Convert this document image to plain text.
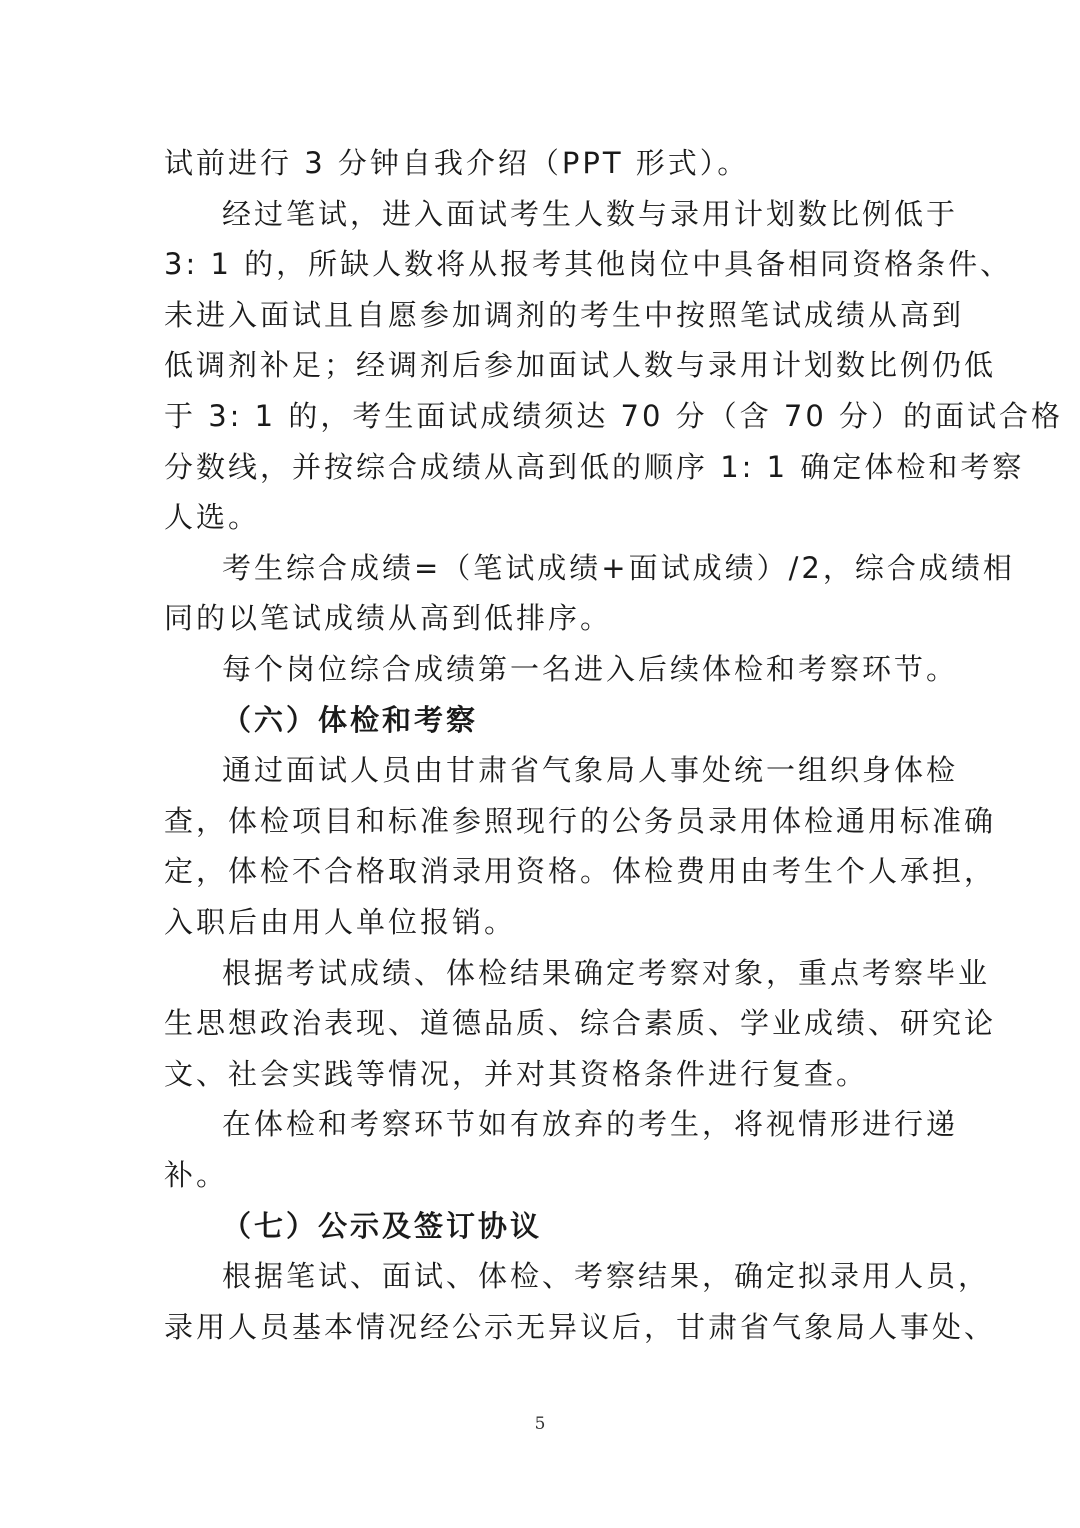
试前进行 3 分钟自我介绍（PPT 形式）。
经过笔试，进入面试考生人数与录用计划数比例低于
3: 1 的，所缺人数将从报考其他岗位中具备相同资格条件、
未进入面试且自愿参加调剂的考生中按照笔试成绩从高到
低调剂补足；经调剂后参加面试人数与录用计划数比例仍低
于 3: 1 的，考生面试成绩须达 70 分（含 70 分）的面试合格
分数线，并按综合成绩从高到低的顺序 1: 1 确定体检和考察
人选。
考生综合成绩=（笔试成绩+面试成绩）/2，综合成绩相
同的以笔试成绩从高到低排序。
每个岗位综合成绩第一名进入后续体检和考察环节。
（六）体检和考察
通过面试人员由甘肃省气象局人事处统一组织身体检
查，体检项目和标准参照现行的公务员录用体检通用标准确
定，体检不合格取消录用资格。体检费用由考生个人承担，
入职后由用人单位报销。
根据考试成绩、体检结果确定考察对象，重点考察毕业
生思想政治表现、道德品质、综合素质、学业成绩、研究论
文、社会实践等情况，并对其资格条件进行复查。
在体检和考察环节如有放弃的考生，将视情形进行递
补。
（七）公示及签订协议
根据笔试、面试、体检、考察结果，确定拟录用人员，
录用人员基本情况经公示无异议后，甘肃省气象局人事处、
5
